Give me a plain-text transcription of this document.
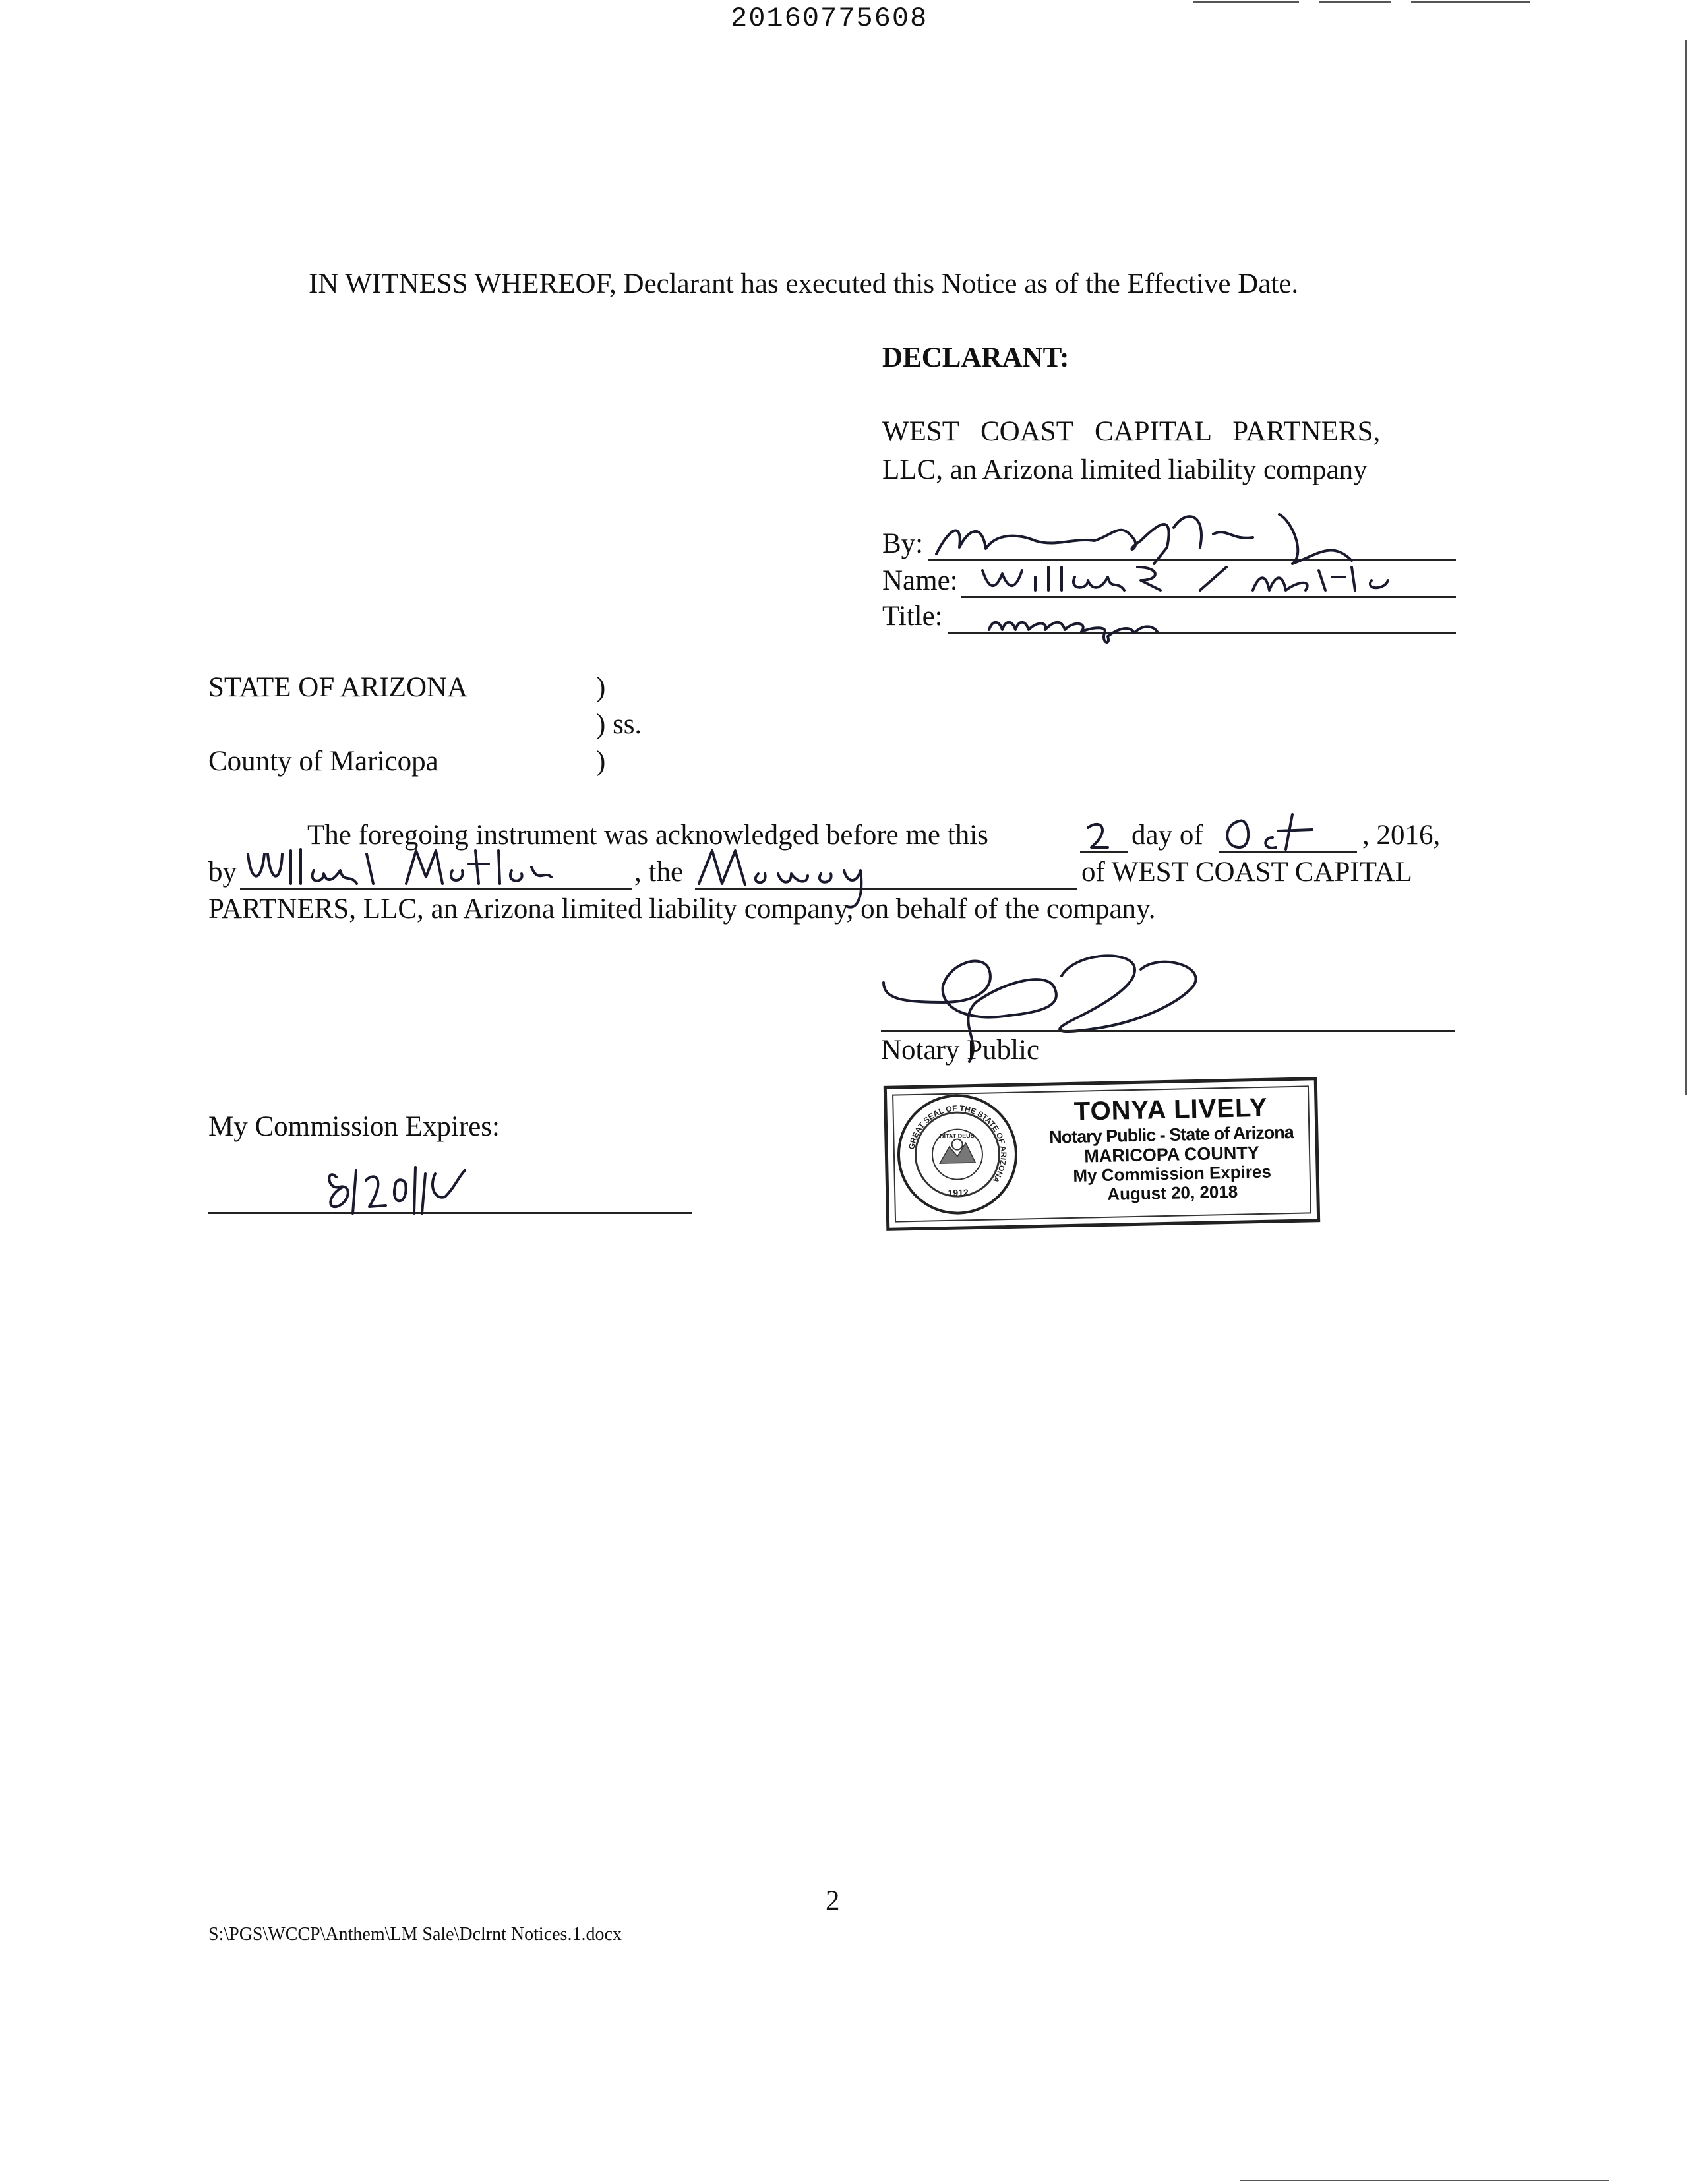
20160775608
IN WITNESS WHEREOF, Declarant has executed this Notice as of the Effective Date.
DECLARANT:
WEST COAST CAPITAL PARTNERS,
LLC, an Arizona limited liability company
By:
Name:
Title:
STATE OF ARIZONA	)
) ss.
County of Maricopa	)
The foregoing instrument was acknowledged before me this	day of	, 2016,
by	, the	of WEST COAST CAPITAL
PARTNERS, LLC, an Arizona limited liability company, on behalf of the company.
Notary Public
My Commission Expires:
GREAT SEAL OF THE STATE OF ARIZONA
DITAT DEUS
1912
TONYA LIVELY
Notary Public - State of Arizona
MARICOPA COUNTY
My Commission Expires
August 20, 2018
2
S:\PGS\WCCP\Anthem\LM Sale\Dclrnt Notices.1.docx
